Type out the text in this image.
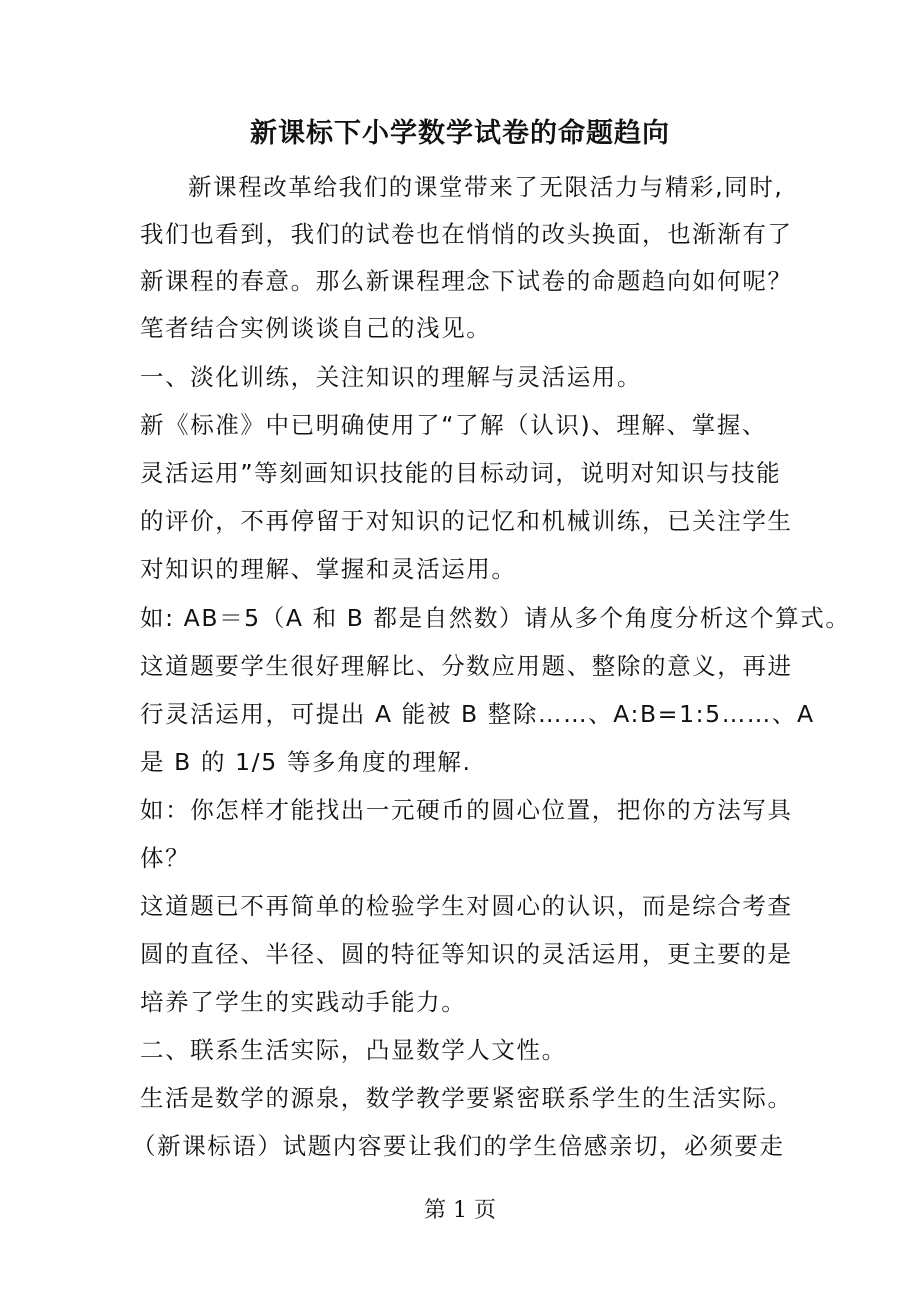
新课标下小学数学试卷的命题趋向
新课程改革给我们的课堂带来了无限活力与精彩,同时,
我们也看到，我们的试卷也在悄悄的改头换面，也渐渐有了
新课程的春意。那么新课程理念下试卷的命题趋向如何呢？
笔者结合实例谈谈自己的浅见。
一、淡化训练，关注知识的理解与灵活运用。
新《标准》中已明确使用了“了解（认识)、理解、掌握、
灵活运用”等刻画知识技能的目标动词，说明对知识与技能
的评价，不再停留于对知识的记忆和机械训练，已关注学生
对知识的理解、掌握和灵活运用。
如: AB＝5（A 和 B 都是自然数）请从多个角度分析这个算式。
这道题要学生很好理解比、分数应用题、整除的意义，再进
行灵活运用，可提出 A 能被 B 整除……、A:B=1:5……、A
是 B 的 1/5 等多角度的理解.
如：你怎样才能找出一元硬币的圆心位置，把你的方法写具
体？
这道题已不再简单的检验学生对圆心的认识，而是综合考查
圆的直径、半径、圆的特征等知识的灵活运用，更主要的是
培养了学生的实践动手能力。
二、联系生活实际，凸显数学人文性。
生活是数学的源泉，数学教学要紧密联系学生的生活实际。
（新课标语）试题内容要让我们的学生倍感亲切，必须要走
第 1 页
